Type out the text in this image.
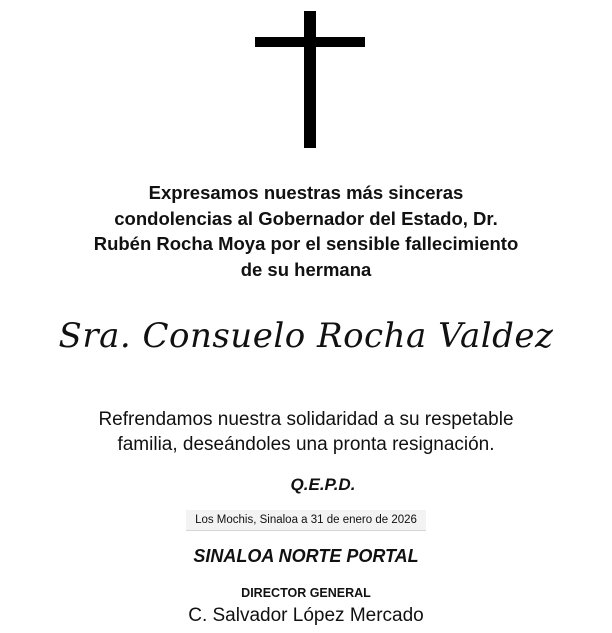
Expresamos nuestras más sinceras
condolencias al Gobernador del Estado, Dr.
Rubén Rocha Moya por el sensible fallecimiento
de su hermana
Sra. Consuelo Rocha Valdez
Refrendamos nuestra solidaridad a su respetable
familia, deseándoles una pronta resignación.
Q.E.P.D.
Los Mochis, Sinaloa a 31 de enero de 2026
SINALOA NORTE PORTAL
DIRECTOR GENERAL
C. Salvador López Mercado
